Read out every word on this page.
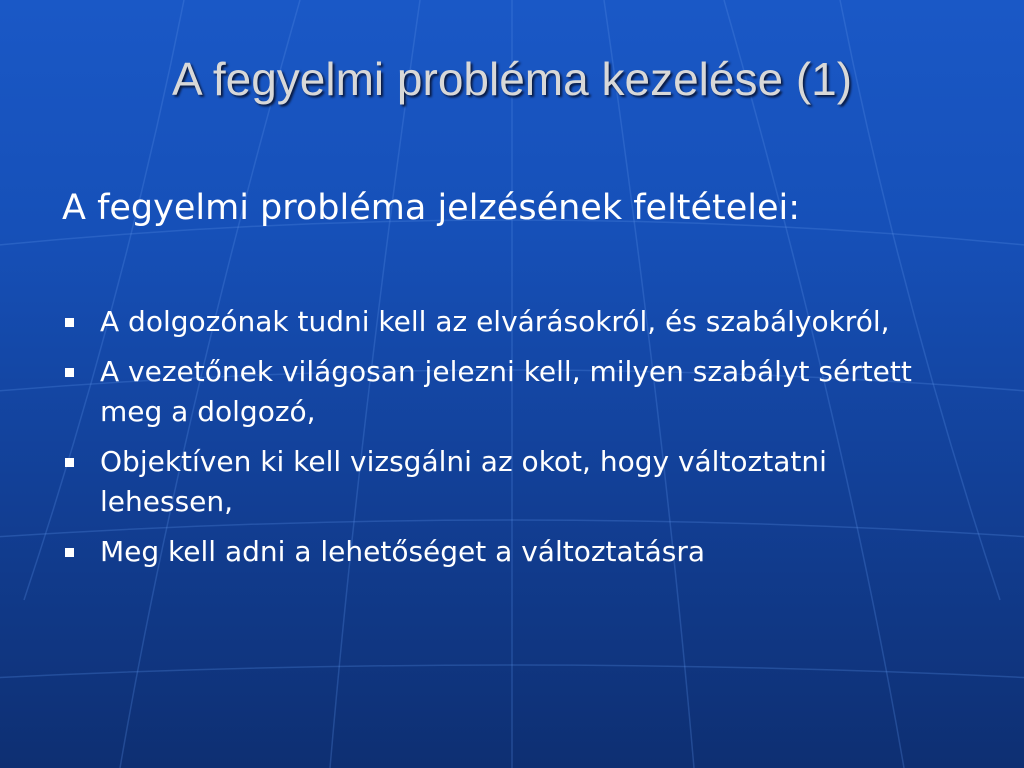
A fegyelmi probléma kezelése (1)
A fegyelmi probléma jelzésének feltételei:
A dolgozónak tudni kell az elvárásokról, és szabályokról,
A vezetőnek világosan jelezni kell, milyen szabályt sértett meg a dolgozó,
Objektíven ki kell vizsgálni az okot, hogy változtatni lehessen,
Meg kell adni a lehetőséget a változtatásra
